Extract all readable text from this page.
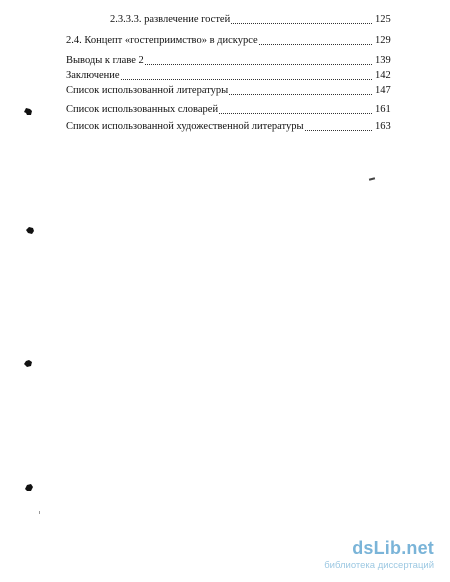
2.3.3.3. развлечение гостей	125
2.4. Концепт «гостеприимство» в дискурсе	129
Выводы к главе 2	139
Заключение	142
Список использованной литературы	147
Список использованных словарей	161
Список использованной художественной литературы	163
dsLib.net
библиотека диссертаций
